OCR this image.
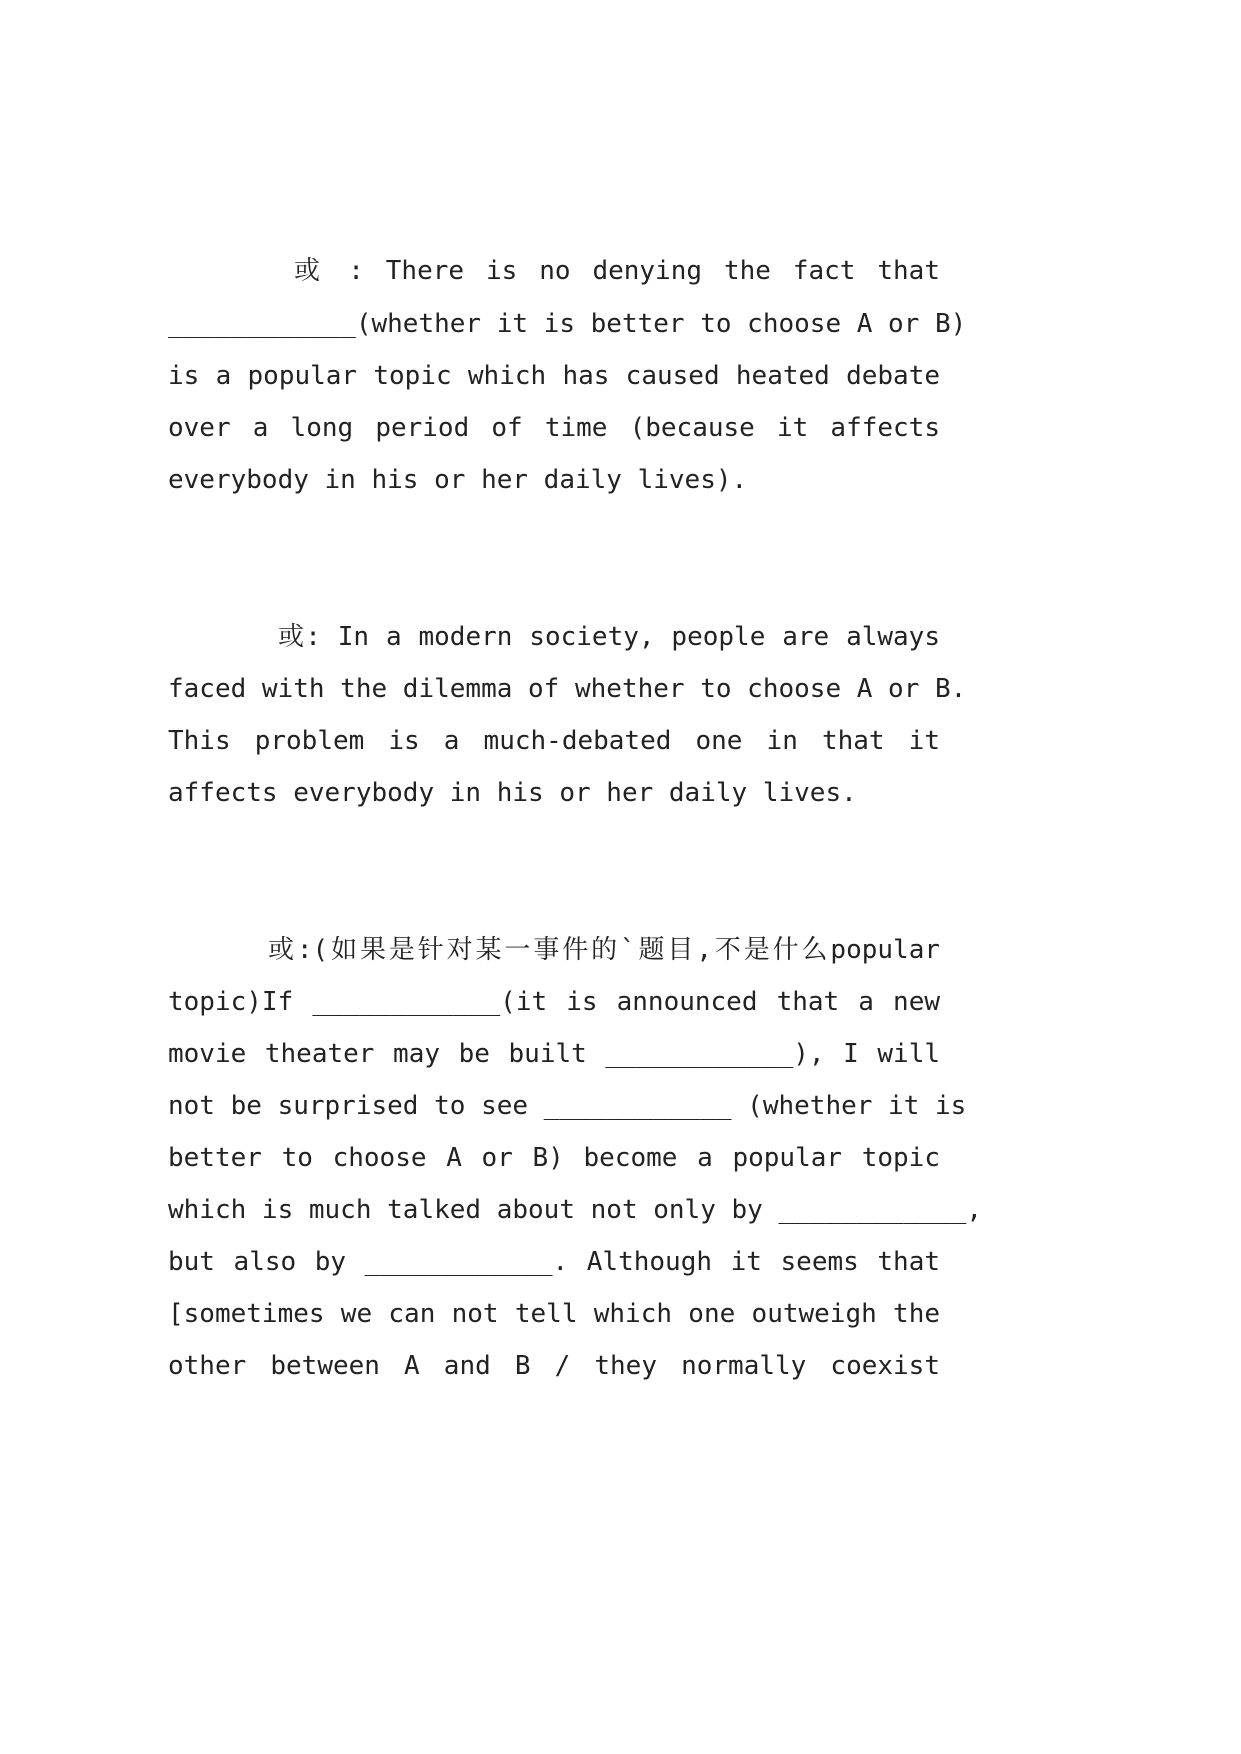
或 : There is no denying the fact that
____________(whether it is better to choose A or B)
is a popular topic which has caused heated debate
over a long period of time (because it affects
everybody in his or her daily lives).
或: In a modern society, people are always
faced with the dilemma of whether to choose A or B.
This problem is a much-debated one in that it
affects everybody in his or her daily lives.
或:(如果是针对某一事件的`题目,不是什么popular
topic)If ____________(it is announced that a new
movie theater may be built ____________), I will
not be surprised to see ____________ (whether it is
better to choose A or B) become a popular topic
which is much talked about not only by ____________,
but also by ____________. Although it seems that
[sometimes we can not tell which one outweigh the
other between A and B / they normally coexist
